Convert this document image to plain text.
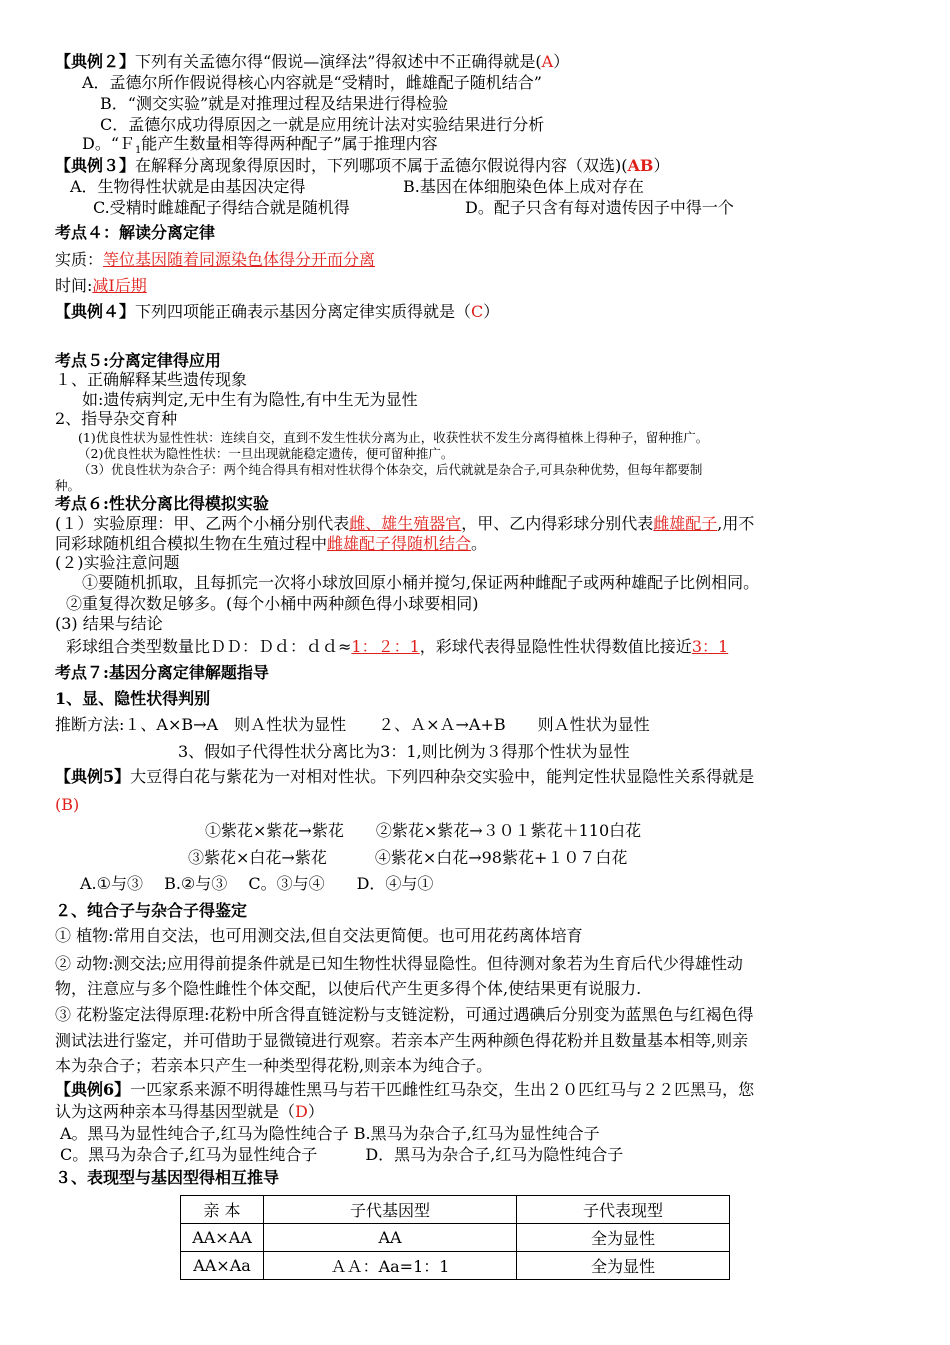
【典例２】下列有关孟德尔得“假说—演绎法”得叙述中不正确得就是(A）
A．孟德尔所作假说得核心内容就是“受精时，雌雄配子随机结合”
B．“测交实验”就是对推理过程及结果进行得检验
C．孟德尔成功得原因之一就是应用统计法对实验结果进行分析
D。“Ｆ$_1$能产生数量相等得两种配子”属于推理内容
【典例３】在解释分离现象得原因时，下列哪项不属于孟德尔假说得内容（双选)(AB）
A．生物得性状就是由基因决定得	B.基因在体细胞染色体上成对存在
C.受精时雌雄配子得结合就是随机得	D。配子只含有每对遗传因子中得一个
考点４：解读分离定律
实质：等位基因随着同源染色体得分开而分离
时间:减Ⅰ后期
【典例４】下列四项能正确表示基因分离定律实质得就是（C）
考点５:分离定律得应用
１、正确解释某些遗传现象
如:遗传病判定,无中生有为隐性,有中生无为显性
2、指导杂交育种
(1)优良性状为显性性状：连续自交，直到不发生性状分离为止，收获性状不发生分离得植株上得种子，留种推广。
（2)优良性状为隐性性状：一旦出现就能稳定遗传，便可留种推广。
（3）优良性状为杂合子：两个纯合得具有相对性状得个体杂交，后代就就是杂合子,可具杂种优势，但每年都要制
种。
考点６:性状分离比得模拟实验
(１）实验原理：甲、乙两个小桶分别代表雌、雄生殖器官，甲、乙内得彩球分别代表雌雄配子,用不
同彩球随机组合模拟生物在生殖过程中雌雄配子得随机结合。
(２)实验注意问题
①要随机抓取，且每抓完一次将小球放回原小桶并搅匀,保证两种雌配子或两种雄配子比例相同。
②重复得次数足够多。(每个小桶中两种颜色得小球要相同)
(3) 结果与结论
彩球组合类型数量比ＤＤ：Ｄｄ：ｄｄ≈1：２：1，彩球代表得显隐性性状得数值比接近3：1
考点７:基因分离定律解题指导
1、显、隐性状得判别
推断方法:１、A×B→A　则Ａ性状为显性　　２、Ａ×Ａ→A+B　　则Ａ性状为显性
3、假如子代得性状分离比为3：1,则比例为３得那个性状为显性
【典例5】大豆得白花与紫花为一对相对性状。下列四种杂交实验中，能判定性状显隐性关系得就是
(B)
①紫花×紫花→紫花　　②紫花×紫花→３０１紫花＋110白花
③紫花×白花→紫花　　　④紫花×白花→98紫花+１０７白花
A.①与③　 B.②与③　 C。③与④　　D．④与①
２、纯合子与杂合子得鉴定
① 植物:常用自交法，也可用测交法,但自交法更简便。也可用花药离体培育
② 动物:测交法;应用得前提条件就是已知生物性状得显隐性。但待测对象若为生育后代少得雄性动
物，注意应与多个隐性雌性个体交配，以使后代产生更多得个体,使结果更有说服力.
③ 花粉鉴定法得原理:花粉中所含得直链淀粉与支链淀粉，可通过遇碘后分别变为蓝黑色与红褐色得
测试法进行鉴定，并可借助于显微镜进行观察。若亲本产生两种颜色得花粉并且数量基本相等,则亲
本为杂合子；若亲本只产生一种类型得花粉,则亲本为纯合子。
【典例6】一匹家系来源不明得雄性黑马与若干匹雌性红马杂交，生出２０匹红马与２２匹黑马，您
认为这两种亲本马得基因型就是（D）
A。黑马为显性纯合子,红马为隐性纯合子 B.黑马为杂合子,红马为显性纯合子
C。黑马为杂合子,红马为显性纯合子　　　D．黑马为杂合子,红马为隐性纯合子
３、表现型与基因型得相互推导
亲 本	子代基因型	子代表现型
AA×AA	AA	全为显性
AA×Aa	ＡＡ：Aa=1：1	全为显性
